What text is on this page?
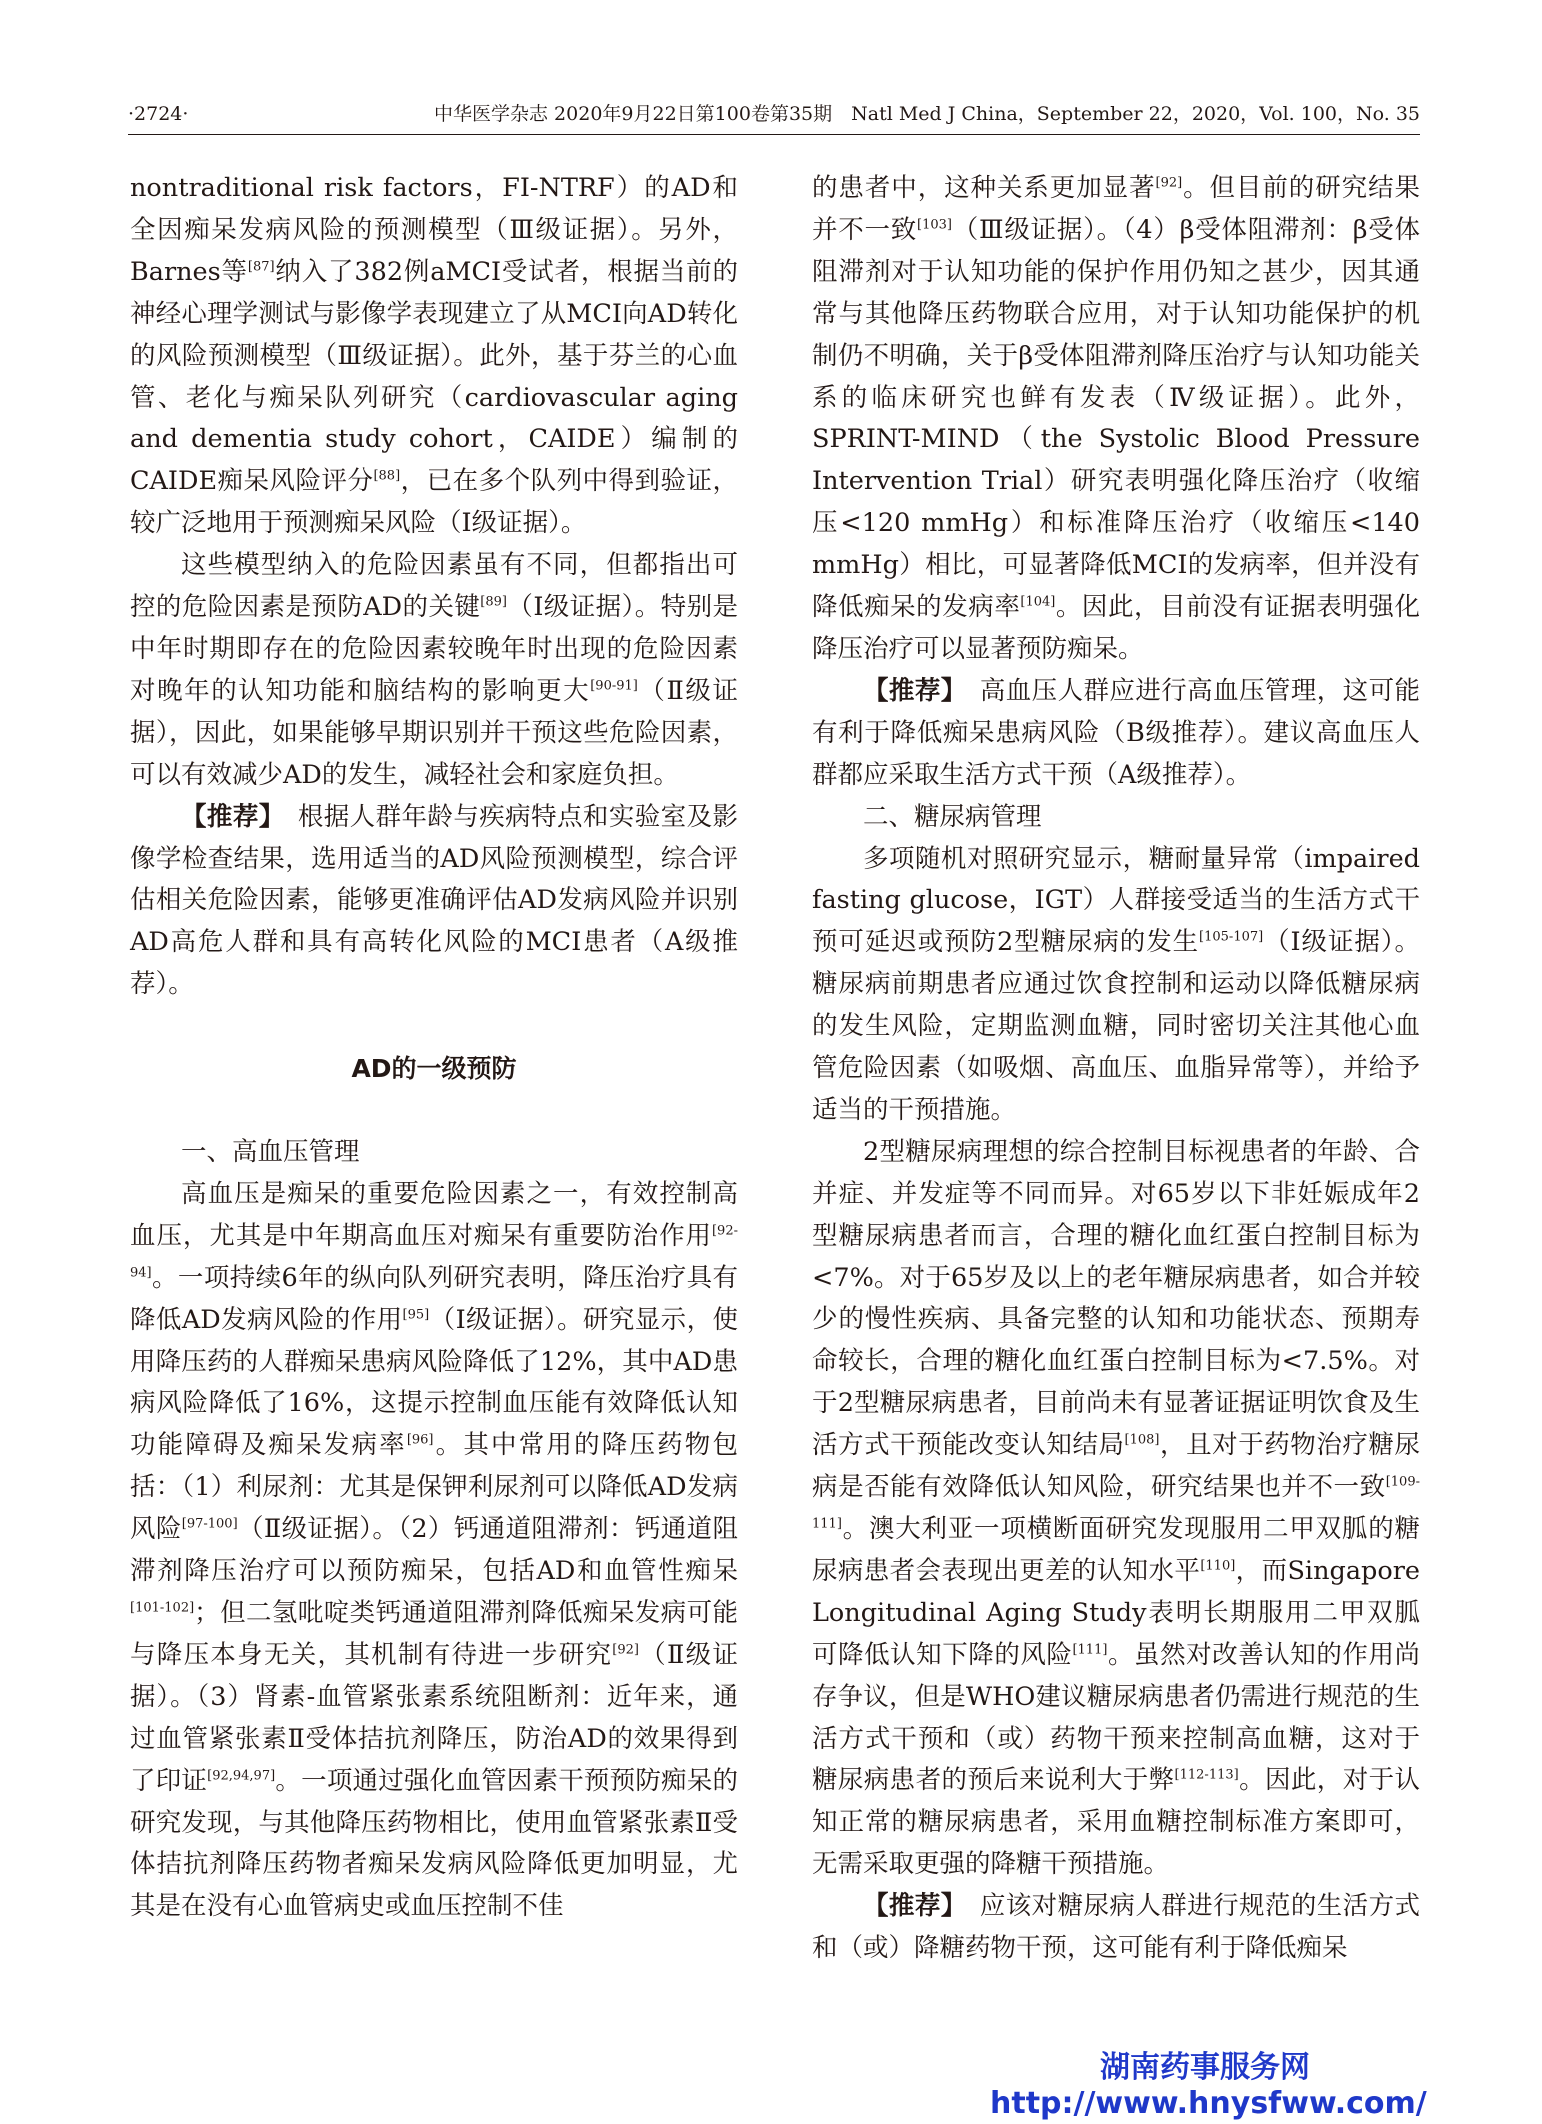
·2724·	中华医学杂志 2020年9月22日第100卷第35期　Natl Med J China，September 22，2020，Vol. 100，No. 35

nontraditional risk factors，FI-NTRF）的AD和全因痴呆发病风险的预测模型（Ⅲ级证据）。另外，Barnes等[87]纳入了382例aMCI受试者，根据当前的神经心理学测试与影像学表现建立了从MCI向AD转化的风险预测模型（Ⅲ级证据）。此外，基于芬兰的心血管、老化与痴呆队列研究（cardiovascular aging and dementia study cohort，CAIDE）编制的CAIDE痴呆风险评分[88]，已在多个队列中得到验证，较广泛地用于预测痴呆风险（Ⅰ级证据）。

这些模型纳入的危险因素虽有不同，但都指出可控的危险因素是预防AD的关键[89]（Ⅰ级证据）。特别是中年时期即存在的危险因素较晚年时出现的危险因素对晚年的认知功能和脑结构的影响更大[90-91]（Ⅱ级证据），因此，如果能够早期识别并干预这些危险因素，可以有效减少AD的发生，减轻社会和家庭负担。

【推荐】　根据人群年龄与疾病特点和实验室及影像学检查结果，选用适当的AD风险预测模型，综合评估相关危险因素，能够更准确评估AD发病风险并识别AD高危人群和具有高转化风险的MCI患者（A级推荐）。

AD的一级预防

一、高血压管理

高血压是痴呆的重要危险因素之一，有效控制高血压，尤其是中年期高血压对痴呆有重要防治作用[92-94]。一项持续6年的纵向队列研究表明，降压治疗具有降低AD发病风险的作用[95]（Ⅰ级证据）。研究显示，使用降压药的人群痴呆患病风险降低了12%，其中AD患病风险降低了16%，这提示控制血压能有效降低认知功能障碍及痴呆发病率[96]。其中常用的降压药物包括：（1）利尿剂：尤其是保钾利尿剂可以降低AD发病风险[97-100]（Ⅱ级证据）。（2）钙通道阻滞剂：钙通道阻滞剂降压治疗可以预防痴呆，包括AD和血管性痴呆[101-102]；但二氢吡啶类钙通道阻滞剂降低痴呆发病可能与降压本身无关，其机制有待进一步研究[92]（Ⅱ级证据）。（3）肾素-血管紧张素系统阻断剂：近年来，通过血管紧张素Ⅱ受体拮抗剂降压，防治AD的效果得到了印证[92,94,97]。一项通过强化血管因素干预预防痴呆的研究发现，与其他降压药物相比，使用血管紧张素Ⅱ受体拮抗剂降压药物者痴呆发病风险降低更加明显，尤其是在没有心血管病史或血压控制不佳

的患者中，这种关系更加显著[92]。但目前的研究结果并不一致[103]（Ⅲ级证据）。（4）β受体阻滞剂：β受体阻滞剂对于认知功能的保护作用仍知之甚少，因其通常与其他降压药物联合应用，对于认知功能保护的机制仍不明确，关于β受体阻滞剂降压治疗与认知功能关系的临床研究也鲜有发表（Ⅳ级证据）。此外，SPRINT-MIND（the Systolic Blood Pressure Intervention Trial）研究表明强化降压治疗（收缩压<120 mmHg）和标准降压治疗（收缩压<140 mmHg）相比，可显著降低MCI的发病率，但并没有降低痴呆的发病率[104]。因此，目前没有证据表明强化降压治疗可以显著预防痴呆。

【推荐】　高血压人群应进行高血压管理，这可能有利于降低痴呆患病风险（B级推荐）。建议高血压人群都应采取生活方式干预（A级推荐）。

二、糖尿病管理

多项随机对照研究显示，糖耐量异常（impaired fasting glucose，IGT）人群接受适当的生活方式干预可延迟或预防2型糖尿病的发生[105-107]（Ⅰ级证据）。糖尿病前期患者应通过饮食控制和运动以降低糖尿病的发生风险，定期监测血糖，同时密切关注其他心血管危险因素（如吸烟、高血压、血脂异常等），并给予适当的干预措施。

2型糖尿病理想的综合控制目标视患者的年龄、合并症、并发症等不同而异。对65岁以下非妊娠成年2型糖尿病患者而言，合理的糖化血红蛋白控制目标为<7%。对于65岁及以上的老年糖尿病患者，如合并较少的慢性疾病、具备完整的认知和功能状态、预期寿命较长，合理的糖化血红蛋白控制目标为<7.5%。对于2型糖尿病患者，目前尚未有显著证据证明饮食及生活方式干预能改变认知结局[108]，且对于药物治疗糖尿病是否能有效降低认知风险，研究结果也并不一致[109-111]。澳大利亚一项横断面研究发现服用二甲双胍的糖尿病患者会表现出更差的认知水平[110]，而Singapore Longitudinal Aging Study表明长期服用二甲双胍可降低认知下降的风险[111]。虽然对改善认知的作用尚存争议，但是WHO建议糖尿病患者仍需进行规范的生活方式干预和（或）药物干预来控制高血糖，这对于糖尿病患者的预后来说利大于弊[112-113]。因此，对于认知正常的糖尿病患者，采用血糖控制标准方案即可，无需采取更强的降糖干预措施。

【推荐】　应该对糖尿病人群进行规范的生活方式和（或）降糖药物干预，这可能有利于降低痴呆

湖南药事服务网
http://www.hnysfww.com/
